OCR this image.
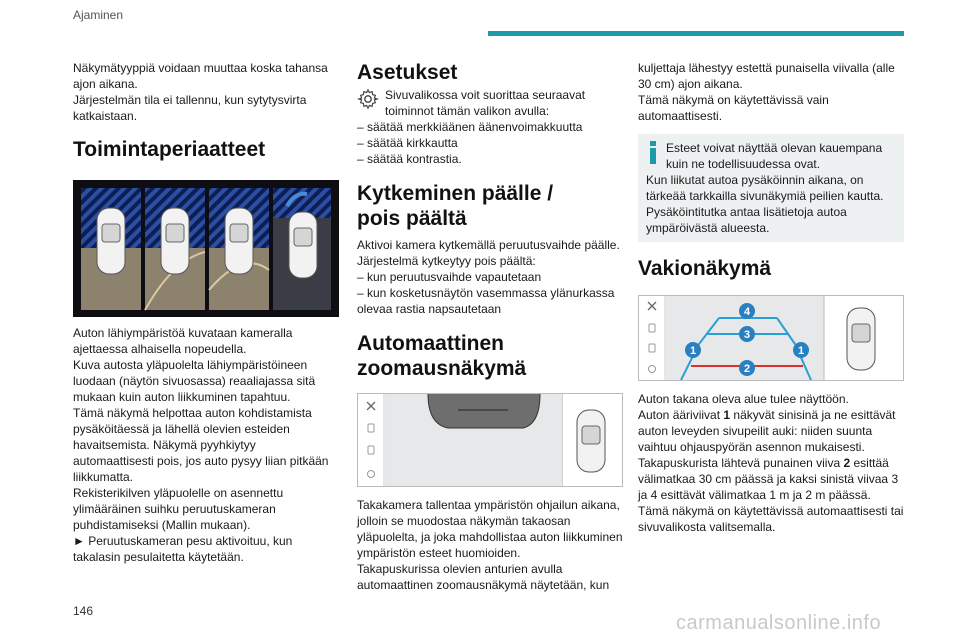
Ajaminen

Näkymätyyppiä voidaan muuttaa koska tahansa ajon aikana.

Järjestelmän tila ei tallennu, kun sytytysvirta katkaistaan.

Toimintaperiaatteet

Auton lähiympäristöä kuvataan kameralla ajettaessa alhaisella nopeudella.

Kuva autosta yläpuolelta lähiympäristöineen luodaan (näytön sivuosassa) reaaliajassa sitä mukaan kuin auton liikkuminen tapahtuu.

Tämä näkymä helpottaa auton kohdistamista pysäköitäessä ja lähellä olevien esteiden havaitsemista. Näkymä pyyhkiytyy automaattisesti pois, jos auto pysyy liian pitkään liikkumatta.

Rekisterikilven yläpuolelle on asennettu ylimääräinen suihku peruutuskameran puhdistamiseksi (Mallin mukaan).

► Peruutuskameran pesu aktivoituu, kun takalasin pesulaitetta käytetään.

Asetukset

Sivuvalikossa voit suorittaa seuraavat toiminnot tämän valikon avulla:

– säätää merkkiäänen äänenvoimakkuutta

– säätää kirkkautta

– säätää kontrastia.

Kytkeminen päälle / pois päältä

Aktivoi kamera kytkemällä peruutusvaihde päälle.

Järjestelmä kytkeytyy pois päältä:

– kun peruutusvaihde vapautetaan

– kun kosketusnäytön vasemmassa ylänurkassa olevaa rastia napsautetaan

Automaattinen zoomausnäkymä

Takakamera tallentaa ympäristön ohjailun aikana, jolloin se muodostaa näkymän takaosan yläpuolelta, ja joka mahdollistaa auton liikkuminen ympäristön esteet huomioiden.

Takapuskurissa olevien anturien avulla automaattinen zoomausnäkymä näytetään, kun

kuljettaja lähestyy estettä punaisella viivalla (alle 30 cm) ajon aikana.

Tämä näkymä on käytettävissä vain automaattisesti.

Esteet voivat näyttää olevan kauempana kuin ne todellisuudessa ovat.

Kun liikutat autoa pysäköinnin aikana, on tärkeää tarkkailla sivunäkymiä peilien kautta.

Pysäköintitutka antaa lisätietoja autoa ympäröivästä alueesta.

Vakionäkymä
4
3
1	1
2

Auton takana oleva alue tulee näyttöön.

Auton ääriviivat 1 näkyvät sinisinä ja ne esittävät auton leveyden sivupeilit auki: niiden suunta vaihtuu ohjauspyörän asennon mukaisesti.

Takapuskurista lähtevä punainen viiva 2 esittää välimatkaa 30 cm päässä ja kaksi sinistä viivaa 3 ja 4 esittävät välimatkaa 1 m ja 2 m päässä.

Tämä näkymä on käytettävissä automaattisesti tai sivuvalikosta valitsemalla.

146
carmanualsonline.info
